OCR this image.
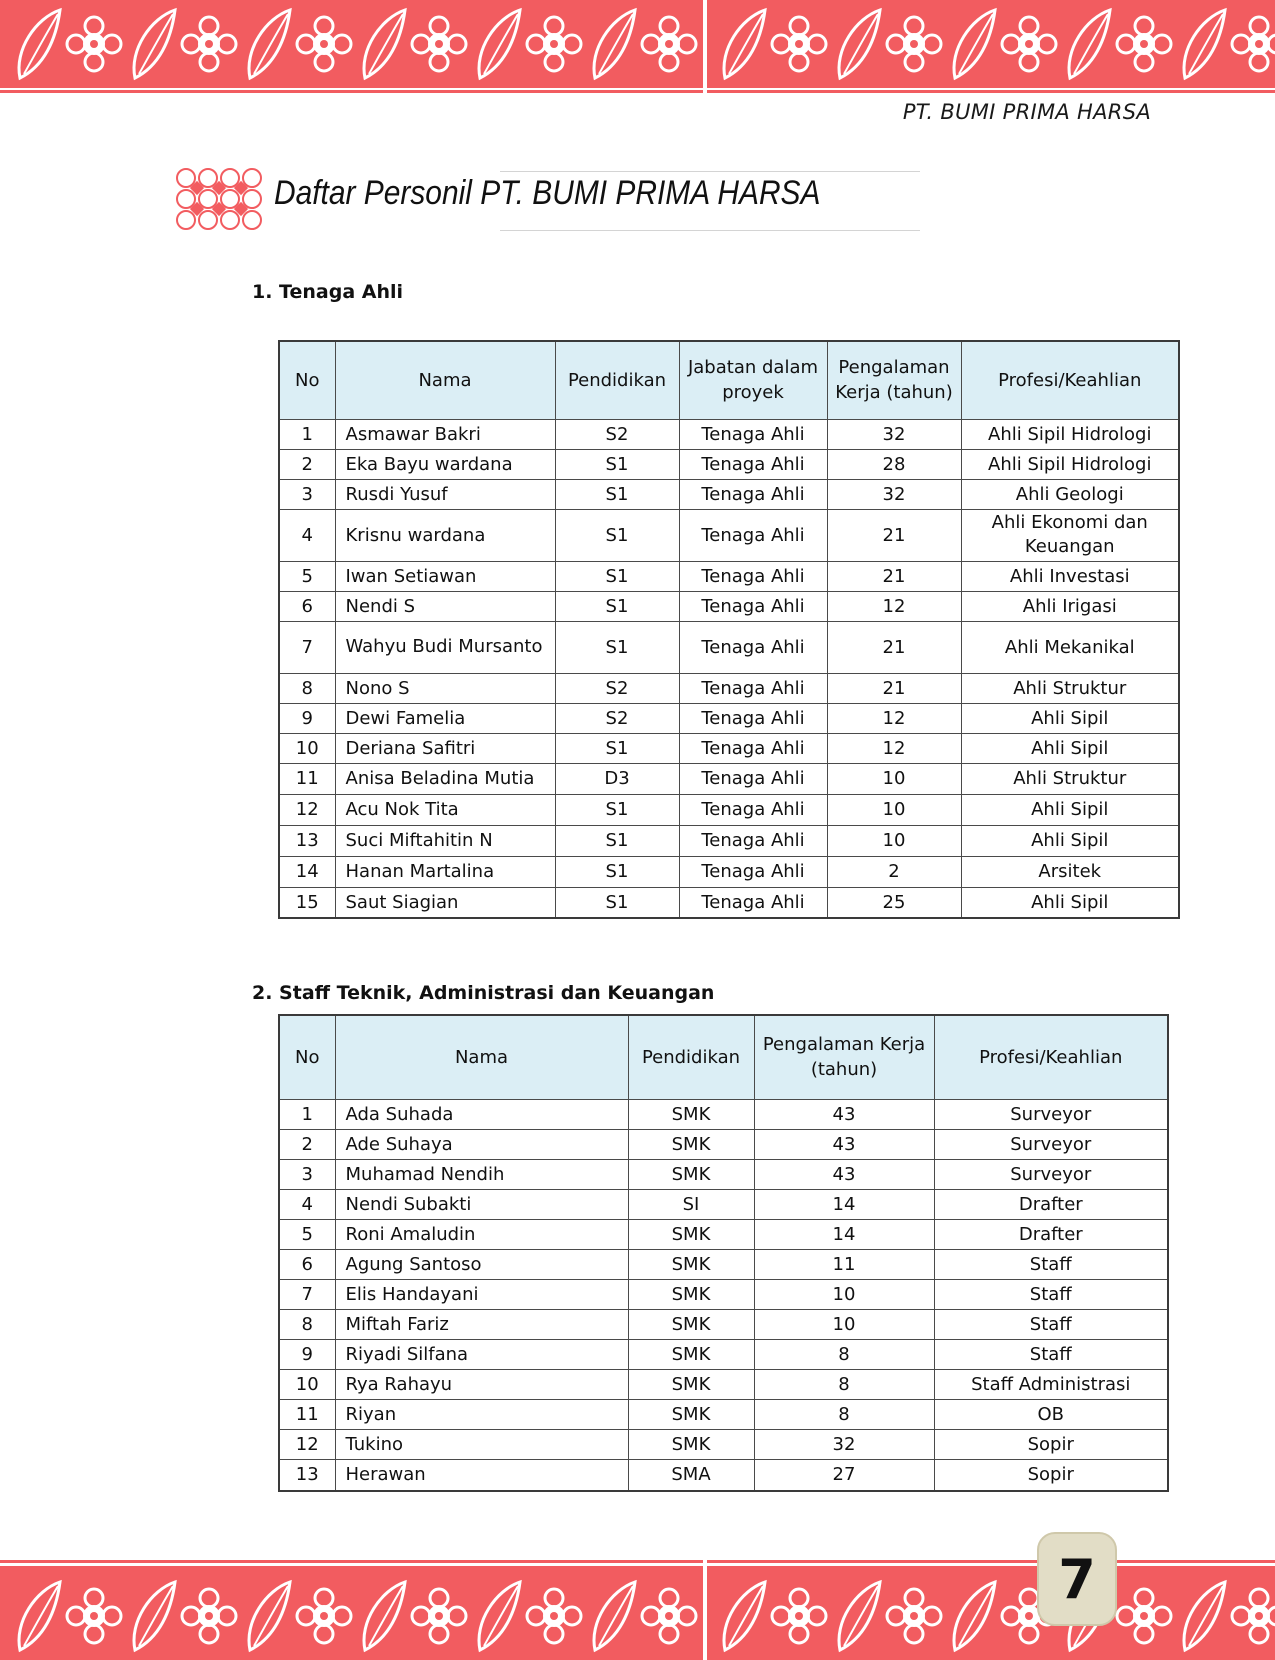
PT. BUMI PRIMA HARSA
Daftar Personil PT. BUMI PRIMA HARSA
1. Tenaga Ahli
No	Nama	Pendidikan	Jabatan dalam proyek	Pengalaman Kerja (tahun)	Profesi/Keahlian
1	Asmawar Bakri	S2	Tenaga Ahli	32	Ahli Sipil Hidrologi
2	Eka Bayu wardana	S1	Tenaga Ahli	28	Ahli Sipil Hidrologi
3	Rusdi Yusuf	S1	Tenaga Ahli	32	Ahli Geologi
4	Krisnu wardana	S1	Tenaga Ahli	21	Ahli Ekonomi dan Keuangan
5	Iwan Setiawan	S1	Tenaga Ahli	21	Ahli Investasi
6	Nendi S	S1	Tenaga Ahli	12	Ahli Irigasi
7	Wahyu Budi Mursanto	S1	Tenaga Ahli	21	Ahli Mekanikal
8	Nono S	S2	Tenaga Ahli	21	Ahli Struktur
9	Dewi Famelia	S2	Tenaga Ahli	12	Ahli Sipil
10	Deriana Safitri	S1	Tenaga Ahli	12	Ahli Sipil
11	Anisa Beladina Mutia	D3	Tenaga Ahli	10	Ahli Struktur
12	Acu Nok Tita	S1	Tenaga Ahli	10	Ahli Sipil
13	Suci Miftahitin N	S1	Tenaga Ahli	10	Ahli Sipil
14	Hanan Martalina	S1	Tenaga Ahli	2	Arsitek
15	Saut Siagian	S1	Tenaga Ahli	25	Ahli Sipil
2. Staff Teknik, Administrasi dan Keuangan
No	Nama	Pendidikan	Pengalaman Kerja (tahun)	Profesi/Keahlian
1	Ada Suhada	SMK	43	Surveyor
2	Ade Suhaya	SMK	43	Surveyor
3	Muhamad Nendih	SMK	43	Surveyor
4	Nendi Subakti	SI	14	Drafter
5	Roni Amaludin	SMK	14	Drafter
6	Agung Santoso	SMK	11	Staff
7	Elis Handayani	SMK	10	Staff
8	Miftah Fariz	SMK	10	Staff
9	Riyadi Silfana	SMK	8	Staff
10	Rya Rahayu	SMK	8	Staff Administrasi
11	Riyan	SMK	8	OB
12	Tukino	SMK	32	Sopir
13	Herawan	SMA	27	Sopir
7
